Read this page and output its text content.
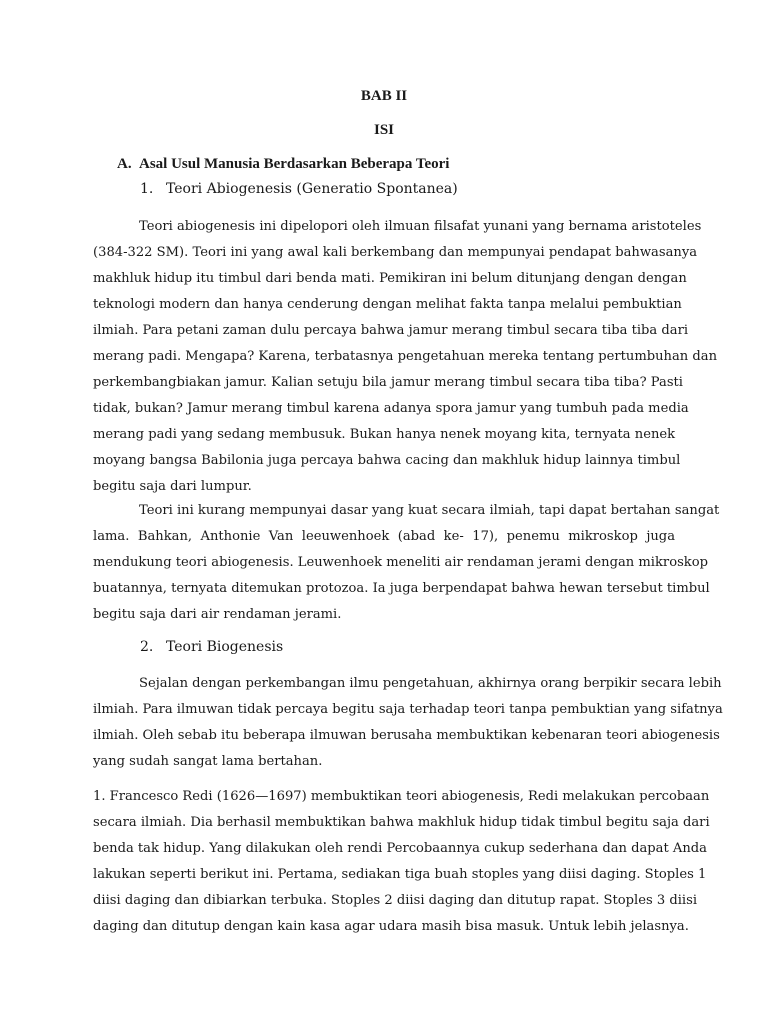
BAB II
ISI
A. Asal Usul Manusia Berdasarkan Beberapa Teori
1. Teori Abiogenesis (Generatio Spontanea)
Teori abiogenesis ini dipelopori oleh ilmuan filsafat yunani yang bernama aristoteles
(384-322 SM). Teori ini yang awal kali berkembang dan mempunyai pendapat bahwasanya
makhluk hidup itu timbul dari benda mati. Pemikiran ini belum ditunjang dengan dengan
teknologi modern dan hanya cenderung dengan melihat fakta tanpa melalui pembuktian
ilmiah. Para petani zaman dulu percaya bahwa jamur merang timbul secara tiba tiba dari
merang padi. Mengapa? Karena, terbatasnya pengetahuan mereka tentang pertumbuhan dan
perkembangbiakan jamur. Kalian setuju bila jamur merang timbul secara tiba tiba? Pasti
tidak, bukan? Jamur merang timbul karena adanya spora jamur yang tumbuh pada media
merang padi yang sedang membusuk. Bukan hanya nenek moyang kita, ternyata nenek
moyang bangsa Babilonia juga percaya bahwa cacing dan makhluk hidup lainnya timbul
begitu saja dari lumpur.
Teori ini kurang mempunyai dasar yang kuat secara ilmiah, tapi dapat bertahan sangat
lama. Bahkan, Anthonie Van leeuwenhoek (abad ke- 17), penemu mikroskop juga
mendukung teori abiogenesis. Leuwenhoek meneliti air rendaman jerami dengan mikroskop
buatannya, ternyata ditemukan protozoa. Ia juga berpendapat bahwa hewan tersebut timbul
begitu saja dari air rendaman jerami.
2. Teori Biogenesis
Sejalan dengan perkembangan ilmu pengetahuan, akhirnya orang berpikir secara lebih
ilmiah. Para ilmuwan tidak percaya begitu saja terhadap teori tanpa pembuktian yang sifatnya
ilmiah. Oleh sebab itu beberapa ilmuwan berusaha membuktikan kebenaran teori abiogenesis
yang sudah sangat lama bertahan.
1. Francesco Redi (1626—1697) membuktikan teori abiogenesis, Redi melakukan percobaan
secara ilmiah. Dia berhasil membuktikan bahwa makhluk hidup tidak timbul begitu saja dari
benda tak hidup. Yang dilakukan oleh rendi Percobaannya cukup sederhana dan dapat Anda
lakukan seperti berikut ini. Pertama, sediakan tiga buah stoples yang diisi daging. Stoples 1
diisi daging dan dibiarkan terbuka. Stoples 2 diisi daging dan ditutup rapat. Stoples 3 diisi
daging dan ditutup dengan kain kasa agar udara masih bisa masuk. Untuk lebih jelasnya.
